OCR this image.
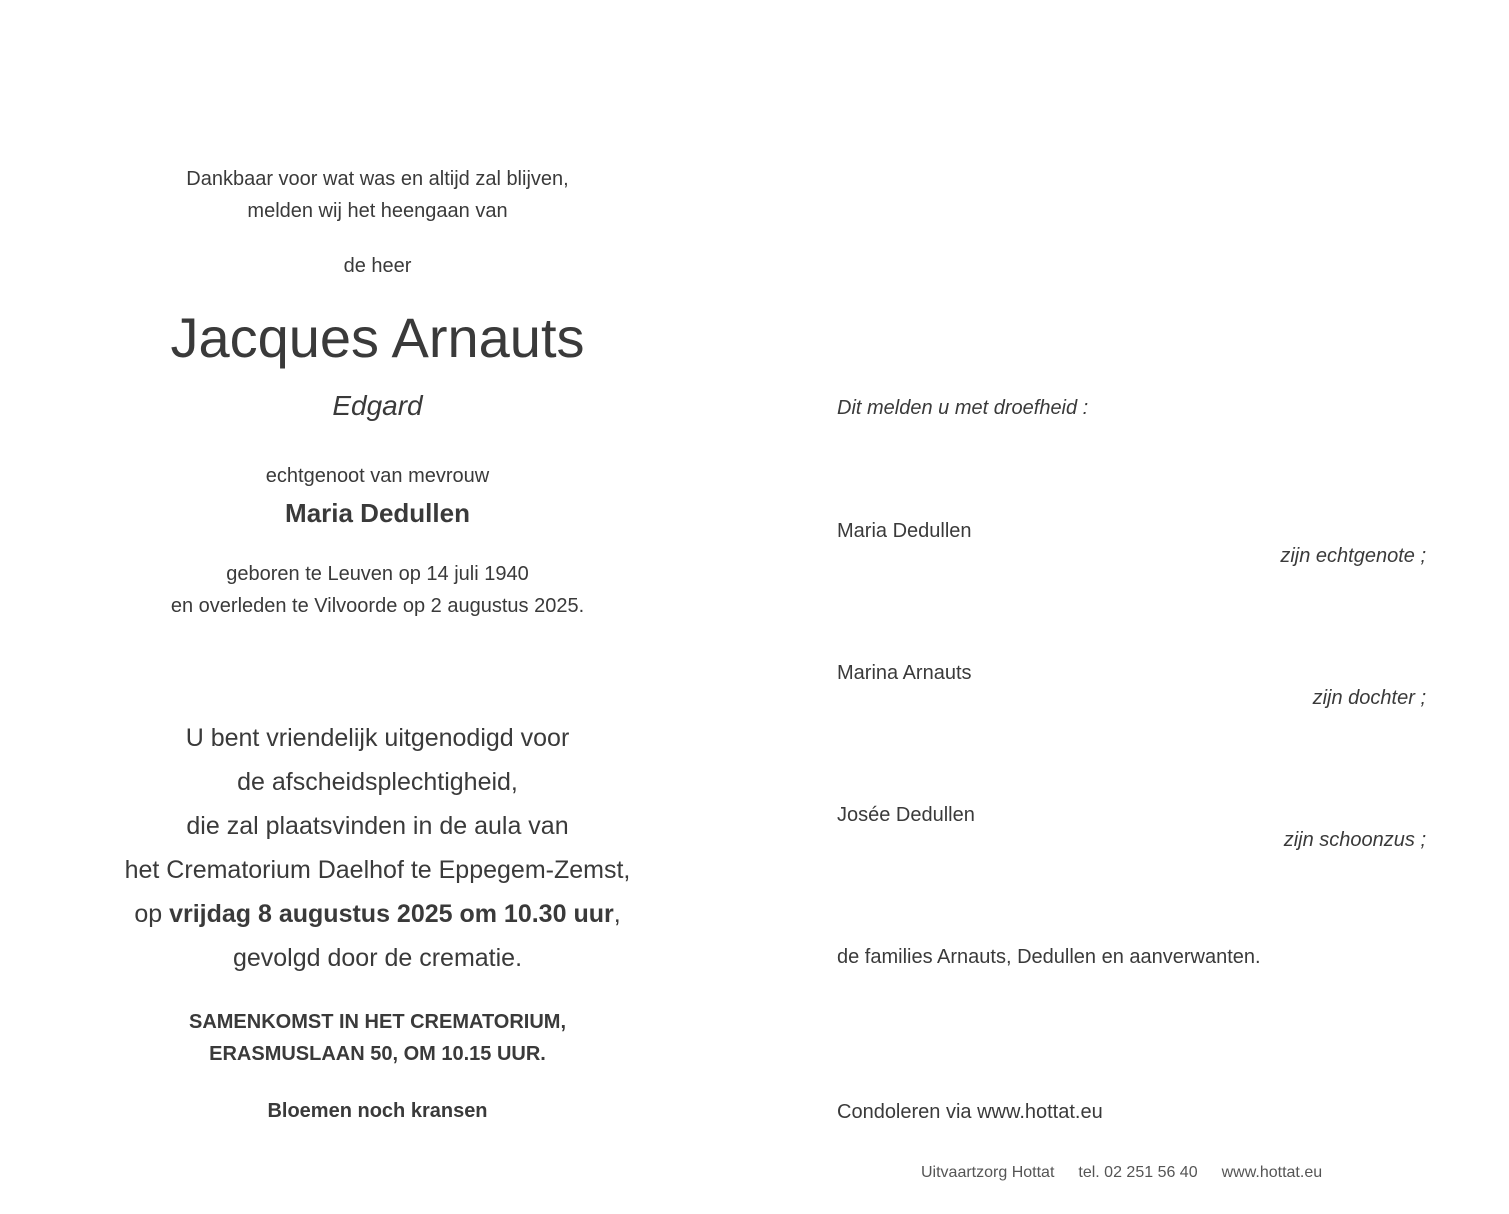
Dankbaar voor wat was en altijd zal blijven,
melden wij het heengaan van
de heer
Jacques Arnauts
Edgard
echtgenoot van mevrouw
Maria Dedullen
geboren te Leuven op 14 juli 1940
en overleden te Vilvoorde op 2 augustus 2025.
U bent vriendelijk uitgenodigd voor
de afscheidsplechtigheid,
die zal plaatsvinden in de aula van
het Crematorium Daelhof te Eppegem-Zemst,
op vrijdag 8 augustus 2025 om 10.30 uur,
gevolgd door de crematie.
SAMENKOMST IN HET CREMATORIUM,
ERASMUSLAAN 50, OM 10.15 UUR.
Bloemen noch kransen
Dit melden u met droefheid :
Maria Dedullen
zijn echtgenote ;
Marina Arnauts
zijn dochter ;
Josée Dedullen
zijn schoonzus ;
de families Arnauts, Dedullen en aanverwanten.
Condoleren via www.hottat.eu
Uitvaartzorg Hottat tel. 02 251 56 40 www.hottat.eu
